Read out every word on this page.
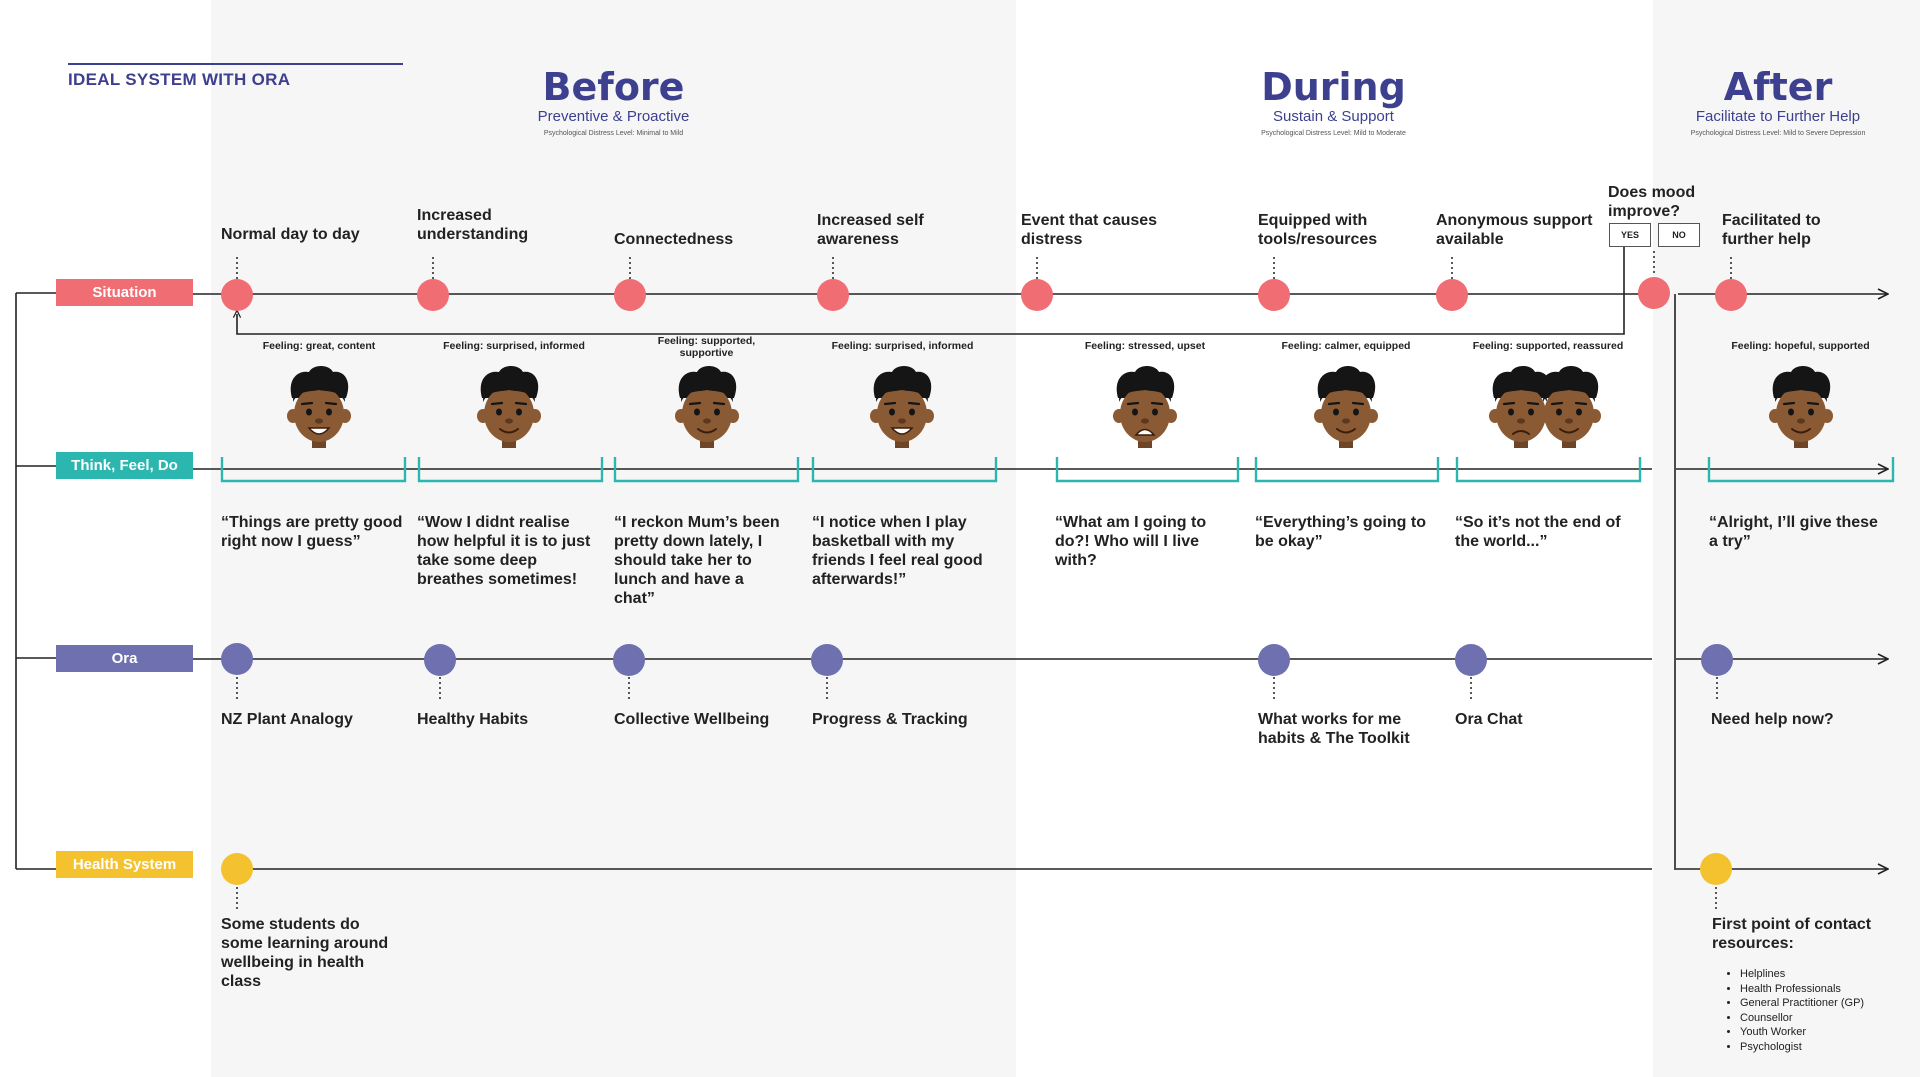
IDEAL SYSTEM WITH ORA	Before
Preventive & Proactive
Psychological Distress Level: Minimal to Mild
During
Sustain & Support
Psychological Distress Level: Mild to Moderate
After
Facilitate to Further Help
Psychological Distress Level: Mild to Severe Depression
Situation
Think, Feel, Do
Ora
Health System
Normal day to day
Increased understanding	Connectedness
Increased self awareness
Event that causes distress
Equipped with tools/resources
Anonymous support available
Facilitated to further help
Does mood improve?
YES	NO
Feeling: great, content	Feeling: surprised, informed	Feeling: supported, supportive
Feeling: surprised, informed	Feeling: stressed, upset	Feeling: calmer, equipped	Feeling: supported, reassured	Feeling: hopeful, supported
“Things are pretty good right now I guess”
“Wow I didnt realise how helpful it is to just take some deep breathes sometimes!
“I reckon Mum’s been pretty down lately, I should take her to lunch and have a chat”
“I notice when I play basketball with my friends I feel real good afterwards!”
“What am I going to do?! Who will I live with?
“Everything’s going to be okay”
“So it’s not the end of the world...”
“Alright, I’ll give these a try”
NZ Plant Analogy	Healthy Habits	Collective Wellbeing	Progress & Tracking	What works for me habits & The Toolkit
Ora Chat	Need help now?
Some students do some learning around wellbeing in health class
First point of contact resources:
• Helplines
• Health Professionals
• General Practitioner (GP)
• Counsellor
• Youth Worker
• Psychologist
